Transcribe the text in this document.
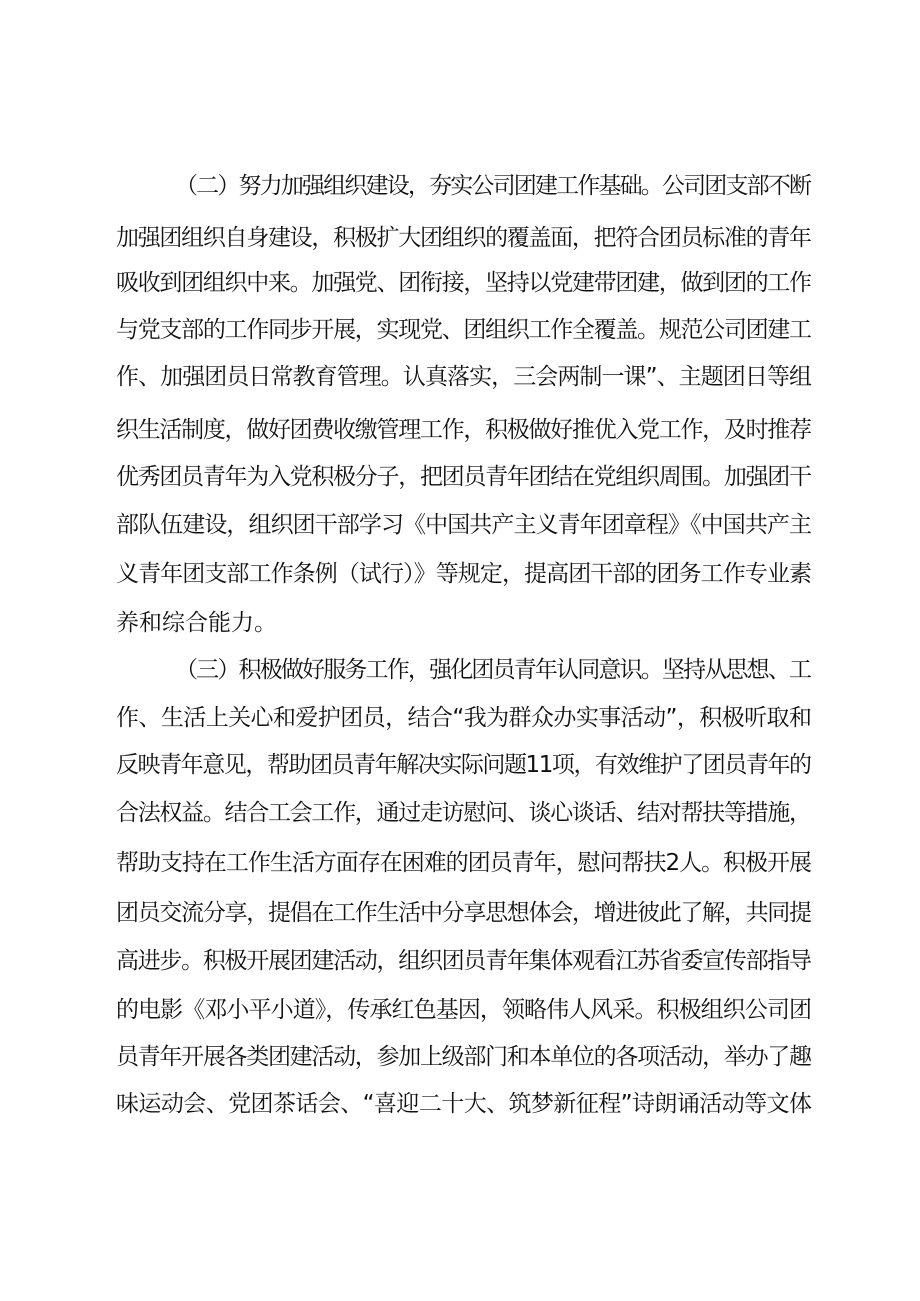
（二）努力加强组织建设，夯实公司团建工作基础。公司团支部不断
加强团组织自身建设，积极扩大团组织的覆盖面，把符合团员标准的青年
吸收到团组织中来。加强党、团衔接，坚持以党建带团建，做到团的工作
与党支部的工作同步开展，实现党、团组织工作全覆盖。规范公司团建工
作、加强团员日常教育管理。认真落实，三会两制一课”、主题团日等组
织生活制度，做好团费收缴管理工作，积极做好推优入党工作，及时推荐
优秀团员青年为入党积极分子，把团员青年团结在党组织周围。加强团干
部队伍建设，组织团干部学习《中国共产主义青年团章程》《中国共产主
义青年团支部工作条例（试行）》等规定，提高团干部的团务工作专业素
养和综合能力。
（三）积极做好服务工作，强化团员青年认同意识。坚持从思想、工
作、生活上关心和爱护团员，结合“我为群众办实事活动”，积极听取和
反映青年意见，帮助团员青年解决实际问题11项，有效维护了团员青年的
合法权益。结合工会工作，通过走访慰问、谈心谈话、结对帮扶等措施，
帮助支持在工作生活方面存在困难的团员青年，慰问帮扶2人。积极开展
团员交流分享，提倡在工作生活中分享思想体会，增进彼此了解，共同提
高进步。积极开展团建活动，组织团员青年集体观看江苏省委宣传部指导
的电影《邓小平小道》，传承红色基因，领略伟人风采。积极组织公司团
员青年开展各类团建活动，参加上级部门和本单位的各项活动，举办了趣
味运动会、党团茶话会、“喜迎二十大、筑梦新征程”诗朗诵活动等文体
